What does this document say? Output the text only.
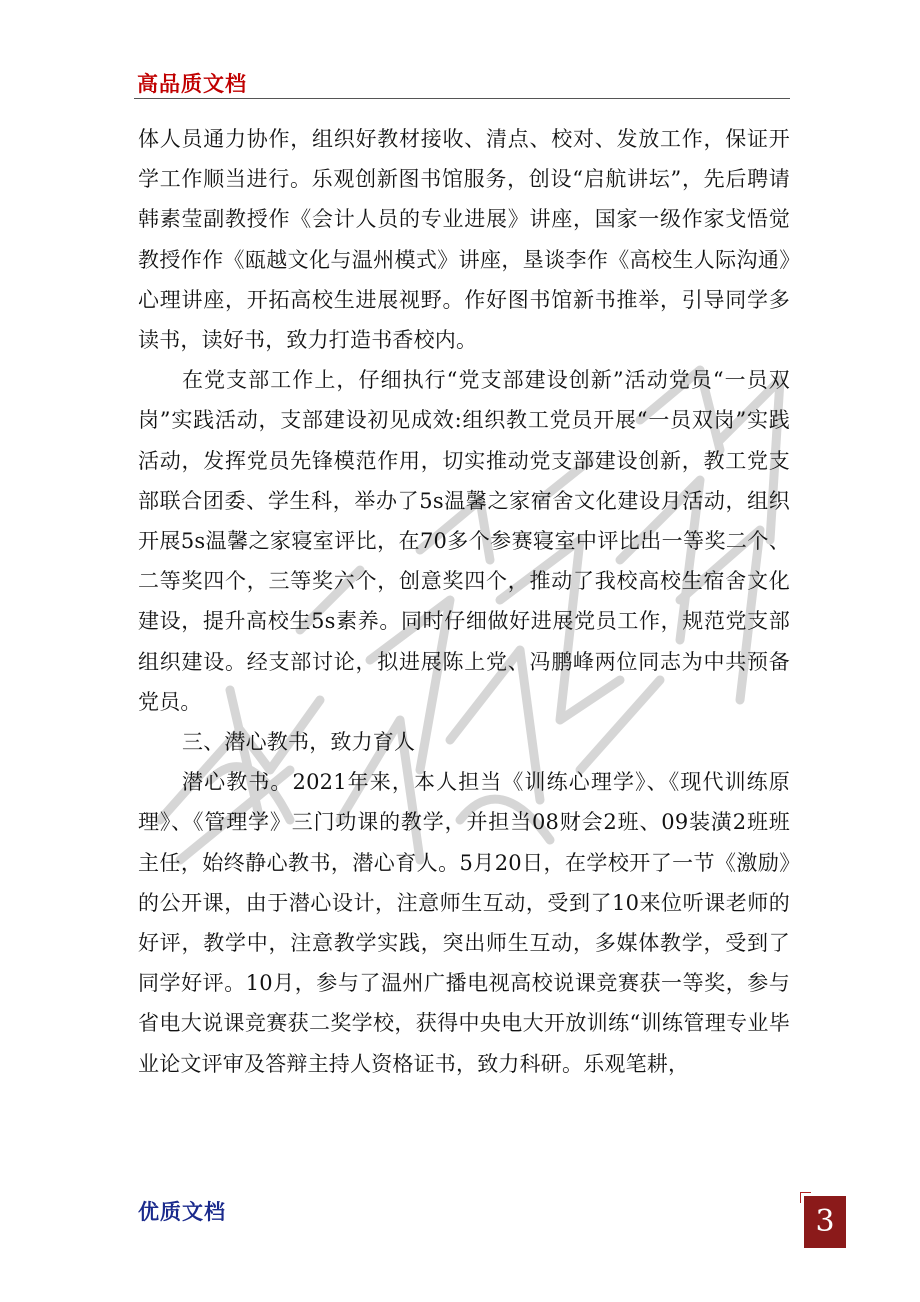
高品质文档

体人员通力协作，组织好教材接收、清点、校对、发放工作，保证开学工作顺当进行。乐观创新图书馆服务，创设“启航讲坛”，先后聘请韩素莹副教授作《会计人员的专业进展》讲座，国家一级作家戈悟觉教授作作《瓯越文化与温州模式》讲座，垦谈李作《高校生人际沟通》心理讲座，开拓高校生进展视野。作好图书馆新书推举，引导同学多读书，读好书，致力打造书香校内。

在党支部工作上，仔细执行“党支部建设创新”活动党员“一员双岗”实践活动，支部建设初见成效:组织教工党员开展“一员双岗”实践活动，发挥党员先锋模范作用，切实推动党支部建设创新，教工党支部联合团委、学生科，举办了5s温馨之家宿舍文化建设月活动，组织开展5s温馨之家寝室评比，在70多个参赛寝室中评比出一等奖二个、二等奖四个，三等奖六个，创意奖四个，推动了我校高校生宿舍文化建设，提升高校生5s素养。同时仔细做好进展党员工作，规范党支部组织建设。经支部讨论，拟进展陈上党、冯鹏峰两位同志为中共预备党员。

三、潜心教书，致力育人

潜心教书。2021年来，本人担当《训练心理学》、《现代训练原理》、《管理学》三门功课的教学，并担当08财会2班、09装潢2班班主任，始终静心教书，潜心育人。5月20日，在学校开了一节《激励》的公开课，由于潜心设计，注意师生互动，受到了10来位听课老师的好评，教学中，注意教学实践，突出师生互动，多媒体教学，受到了同学好评。10月，参与了温州广播电视高校说课竞赛获一等奖，参与省电大说课竞赛获二奖学校，获得中央电大开放训练“训练管理专业毕业论文评审及答辩主持人资格证书，致力科研。乐观笔耕，

优质文档	3
